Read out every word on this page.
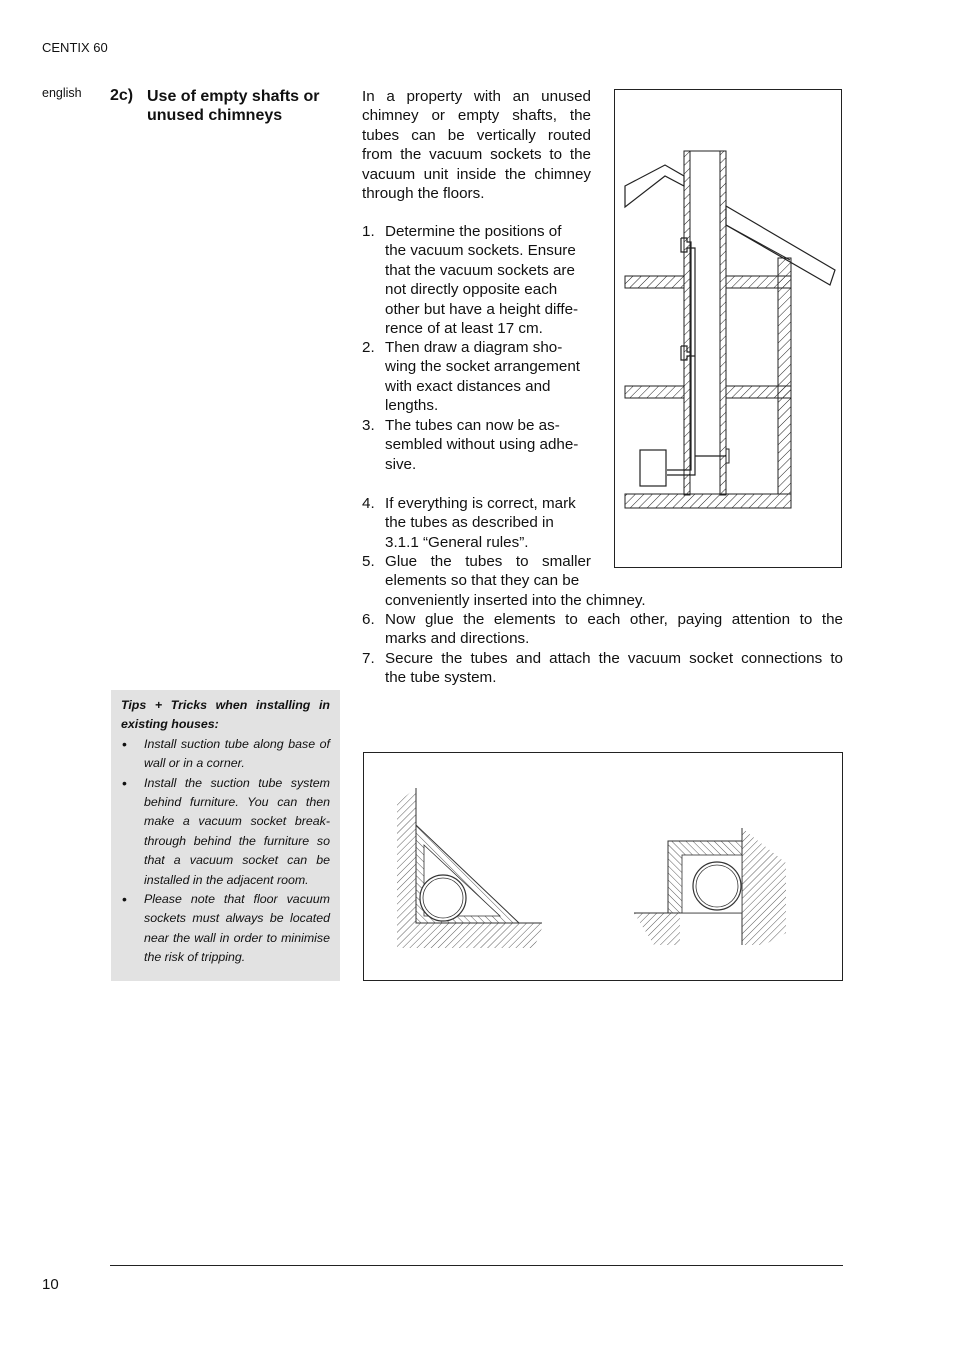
CENTIX 60
english 2c) Use of empty shafts or unused chimneys
In a property with an unused chimney or empty shafts, the tubes can be vertically routed from the vacuum sockets to the vacuum unit inside the chimney through the floors.
1. Determine the positions of
the vacuum sockets. Ensure
that the vacuum sockets are
not directly opposite each
other but have a height diffe-
rence of at least 17 cm.
2. Then draw a diagram sho-
wing the socket arrangement
with exact distances and
lengths.
3. The tubes can now be as-
sembled without using adhe-
sive.
4. If everything is correct, mark
the tubes as described in
3.1.1 “General rules”.
5. Glue the tubes to smaller
elements so that they can be
conveniently inserted into the chimney.
6. Now glue the elements to each other, paying attention to the
marks and directions.
7. Secure the tubes and attach the vacuum socket connections to
the tube system.
Tips + Tricks when installing in existing houses:
• Install suction tube along base of wall or in a corner.
• Install the suction tube system behind furniture. You can then make a vacuum socket break-through behind the furniture so that a vacuum socket can be installed in the adjacent room.
• Please note that floor vacuum sockets must always be located near the wall in order to minimise the risk of tripping.
10
